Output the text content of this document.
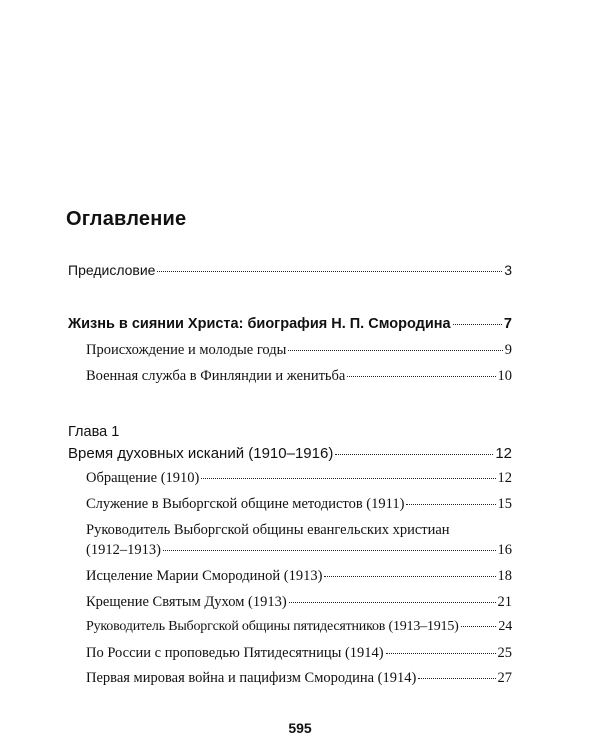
Оглавление
Предисловие	3
Жизнь в сиянии Христа: биография Н. П. Смородина	7
Происхождение и молодые годы	9
Военная служба в Финляндии и женитьба	10
Глава 1
Время духовных исканий (1910–1916)	12
Обращение (1910)	12
Служение в Выборгской общине методистов (1911)	15
Руководитель Выборгской общины евангельских христиан
(1912–1913)	16
Исцеление Марии Смородиной (1913)	18
Крещение Святым Духом (1913)	21
Руководитель Выборгской общины пятидесятников (1913–1915)	24
По России с проповедью Пятидесятницы (1914)	25
Первая мировая война и пацифизм Смородина (1914)	27
595
